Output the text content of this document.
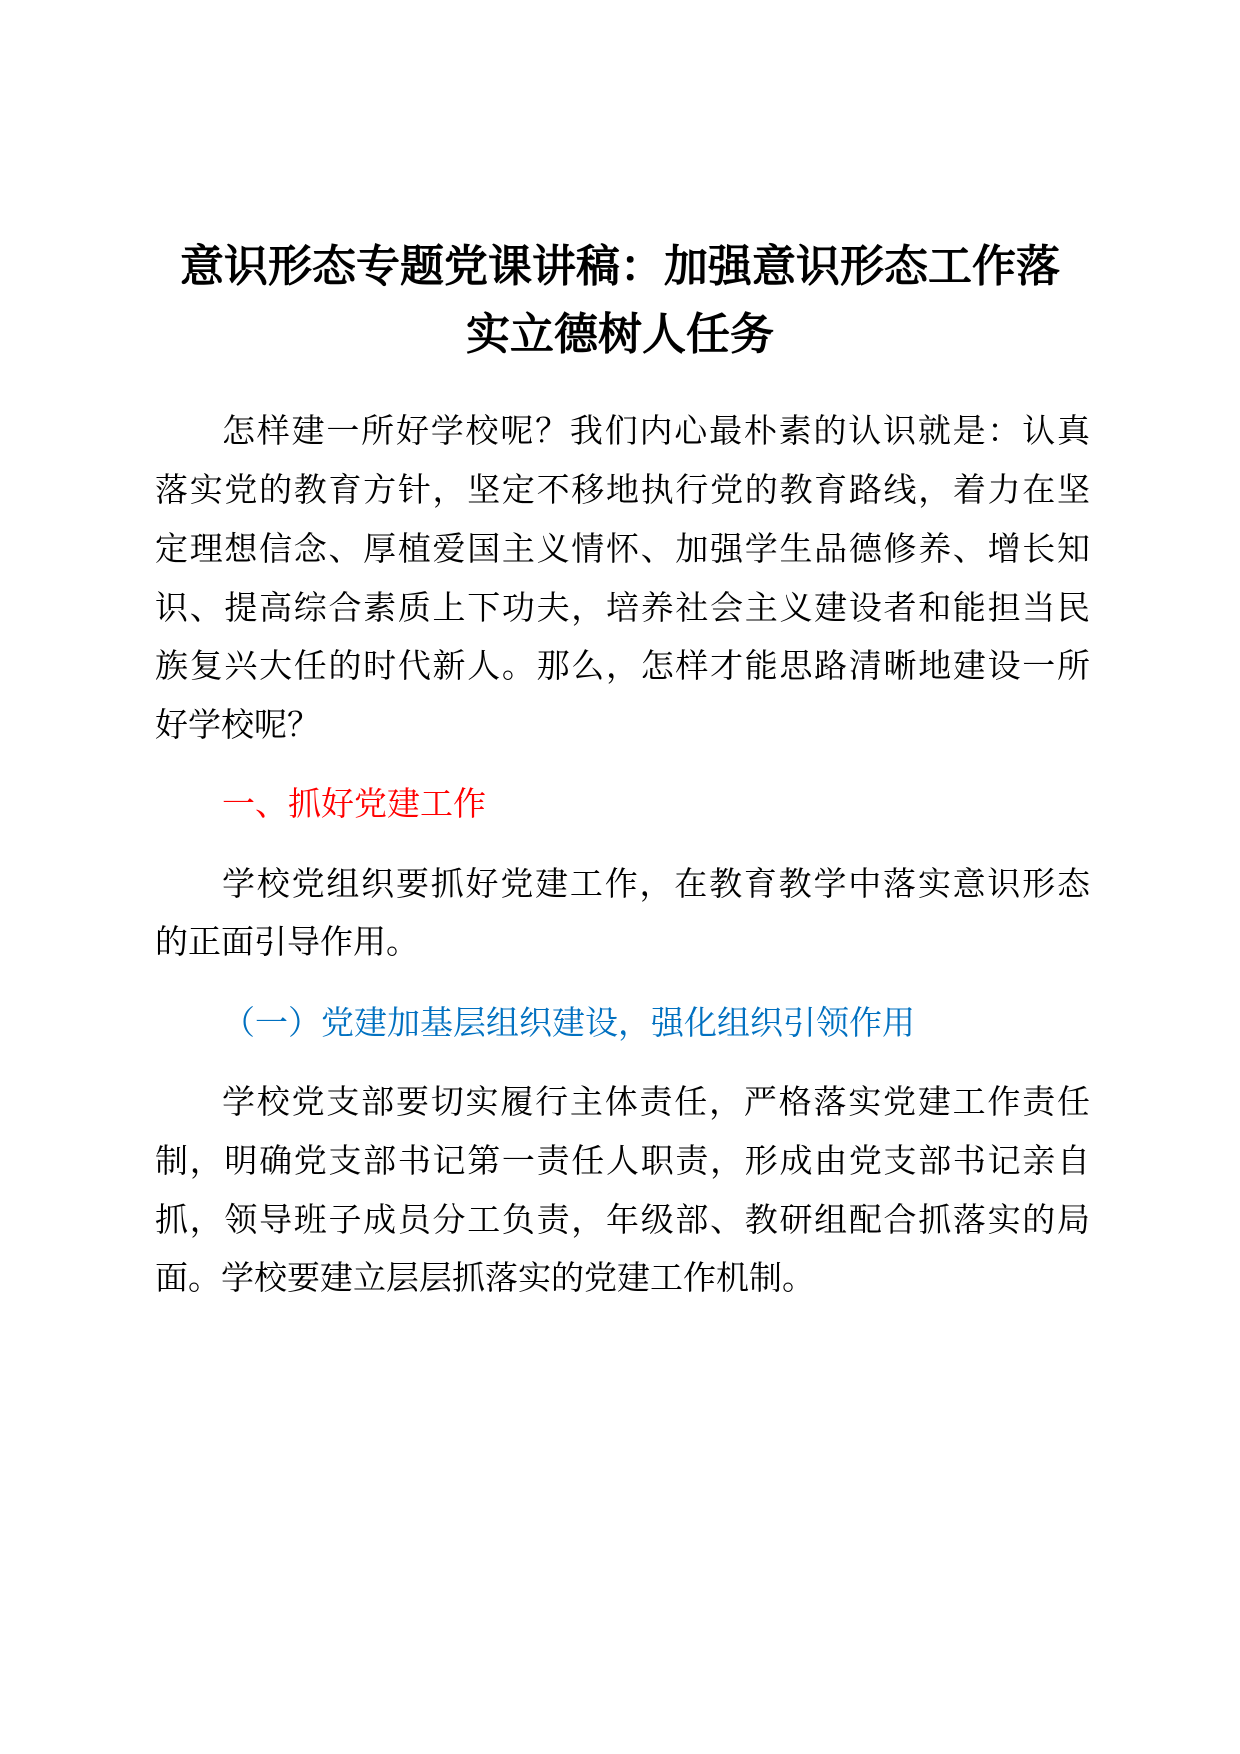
意识形态专题党课讲稿：加强意识形态工作落
实立德树人任务
怎样建一所好学校呢？我们内心最朴素的认识就是：认真
落实党的教育方针，坚定不移地执行党的教育路线，着力在坚
定理想信念、厚植爱国主义情怀、加强学生品德修养、增长知
识、提高综合素质上下功夫，培养社会主义建设者和能担当民
族复兴大任的时代新人。那么，怎样才能思路清晰地建设一所
好学校呢？
一、抓好党建工作
学校党组织要抓好党建工作，在教育教学中落实意识形态
的正面引导作用。
（一）党建加基层组织建设，强化组织引领作用
学校党支部要切实履行主体责任，严格落实党建工作责任
制，明确党支部书记第一责任人职责，形成由党支部书记亲自
抓，领导班子成员分工负责，年级部、教研组配合抓落实的局
面。学校要建立层层抓落实的党建工作机制。
